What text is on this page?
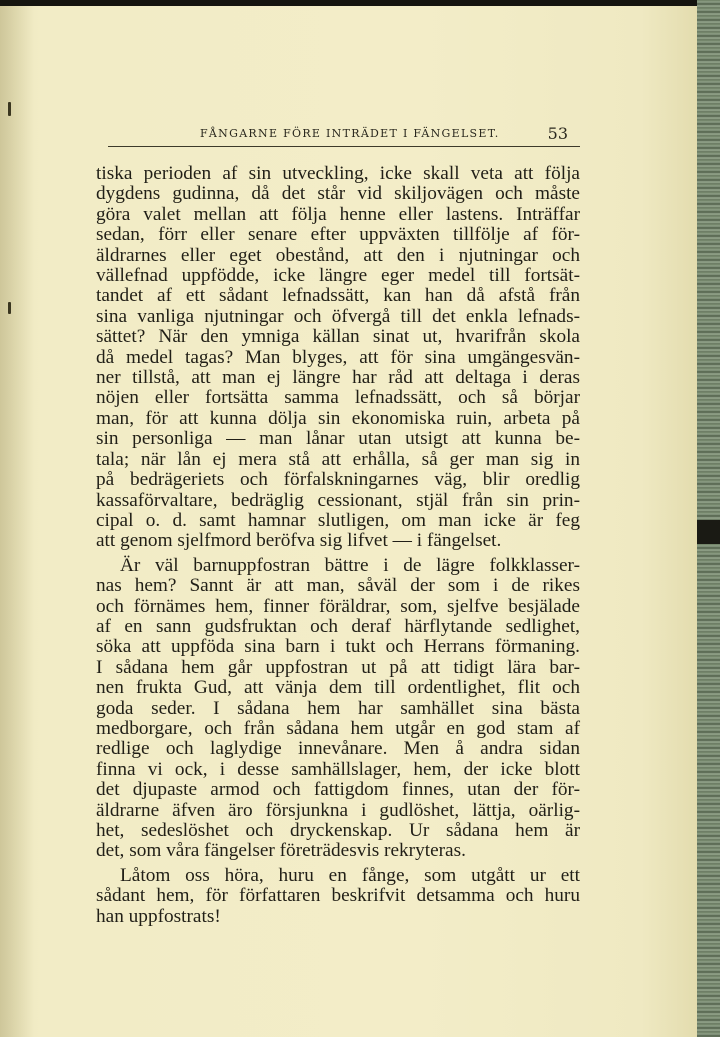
FÅNGARNE FÖRE INTRÄDET I FÄNGELSET.	53

tiska perioden af sin utveckling, icke skall veta att följa
dygdens gudinna, då det står vid skiljovägen och måste
göra valet mellan att följa henne eller lastens. Inträffar
sedan, förr eller senare efter uppväxten tillfölje af för-
äldrarnes eller eget obestånd, att den i njutningar och
vällefnad uppfödde, icke längre eger medel till fortsät-
tandet af ett sådant lefnadssätt, kan han då afstå från
sina vanliga njutningar och öfvergå till det enkla lefnads-
sättet? När den ymniga källan sinat ut, hvarifrån skola
då medel tagas? Man blyges, att för sina umgängesvän-
ner tillstå, att man ej längre har råd att deltaga i deras
nöjen eller fortsätta samma lefnadssätt, och så börjar
man, för att kunna dölja sin ekonomiska ruin, arbeta på
sin personliga — man lånar utan utsigt att kunna be-
tala; när lån ej mera stå att erhålla, så ger man sig in
på bedrägeriets och förfalskningarnes väg, blir oredlig
kassaförvaltare, bedräglig cessionant, stjäl från sin prin-
cipal o. d. samt hamnar slutligen, om man icke är feg
att genom sjelfmord beröfva sig lifvet — i fängelset.

Är väl barnuppfostran bättre i de lägre folkklasser-
nas hem? Sannt är att man, såväl der som i de rikes
och förnämes hem, finner föräldrar, som, sjelfve besjälade
af en sann gudsfruktan och deraf härflytande sedlighet,
söka att uppföda sina barn i tukt och Herrans förmaning.
I sådana hem går uppfostran ut på att tidigt lära bar-
nen frukta Gud, att vänja dem till ordentlighet, flit och
goda seder. I sådana hem har samhället sina bästa
medborgare, och från sådana hem utgår en god stam af
redlige och laglydige innevånare. Men å andra sidan
finna vi ock, i desse samhällslager, hem, der icke blott
det djupaste armod och fattigdom finnes, utan der för-
äldrarne äfven äro försjunkna i gudlöshet, lättja, oärlig-
het, sedeslöshet och dryckenskap. Ur sådana hem är
det, som våra fängelser företrädesvis rekryteras.

Låtom oss höra, huru en fånge, som utgått ur ett
sådant hem, för författaren beskrifvit detsamma och huru
han uppfostrats!
